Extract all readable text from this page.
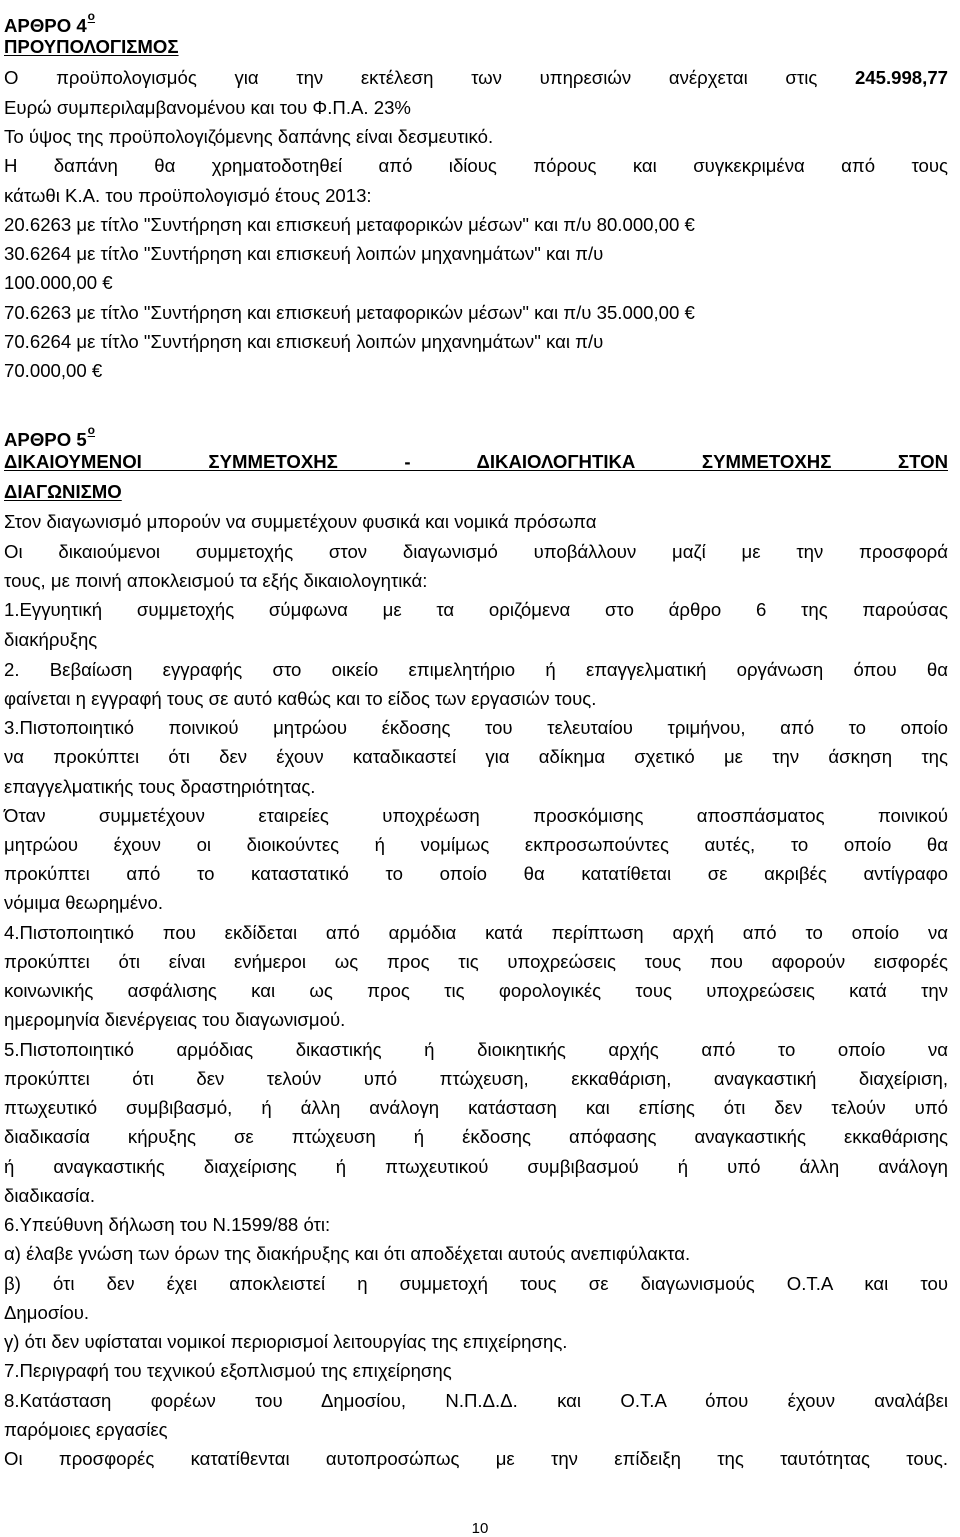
ΑΡΘΡΟ $4^o$
ΠΡΟΥΠΟΛΟΓΙΣΜΟΣ
Ο προϋπολογισμός για την εκτέλεση των υπηρεσιών ανέρχεται στις 245.998,77
Ευρώ συμπεριλαμβανομένου και του Φ.Π.Α. 23%
Το ύψος της προϋπολογιζόμενης δαπάνης είναι δεσμευτικό.
Η δαπάνη θα χρηματοδοτηθεί από ιδίους πόρους και συγκεκριμένα από τους
κάτωθι Κ.Α. του προϋπολογισμό έτους 2013:
20.6263 με τίτλο "Συντήρηση και επισκευή μεταφορικών μέσων" και π/υ 80.000,00 €
30.6264 με τίτλο "Συντήρηση και επισκευή λοιπών μηχανημάτων" και π/υ
100.000,00 €
70.6263 με τίτλο "Συντήρηση και επισκευή μεταφορικών μέσων" και π/υ 35.000,00 €
70.6264 με τίτλο "Συντήρηση και επισκευή λοιπών μηχανημάτων" και π/υ
70.000,00 €
ΑΡΘΡΟ $5^o$
ΔΙΚΑΙΟΥΜΕΝΟΙ ΣΥΜΜΕΤΟΧΗΣ - ΔΙΚΑΙΟΛΟΓΗΤΙΚΑ ΣΥΜΜΕΤΟΧΗΣ ΣΤΟΝ
ΔΙΑΓΩΝΙΣΜΟ
Στον διαγωνισμό μπορούν να συμμετέχουν φυσικά και νομικά πρόσωπα
Οι δικαιούμενοι συμμετοχής στον διαγωνισμό υποβάλλουν μαζί με την προσφορά
τους, με ποινή αποκλεισμού τα εξής δικαιολογητικά:
1.Εγγυητική συμμετοχής σύμφωνα με τα οριζόμενα στο άρθρο 6 της παρούσας
διακήρυξης
2. Βεβαίωση εγγραφής στο οικείο επιμελητήριο ή επαγγελματική οργάνωση όπου θα
φαίνεται η εγγραφή τους σε αυτό καθώς και το είδος των εργασιών τους.
3.Πιστοποιητικό ποινικού μητρώου έκδοσης του τελευταίου τριμήνου, από το οποίο
να προκύπτει ότι δεν έχουν καταδικαστεί για αδίκημα σχετικό με την άσκηση της
επαγγελματικής τους δραστηριότητας.
Όταν συμμετέχουν εταιρείες υποχρέωση προσκόμισης αποσπάσματος ποινικού
μητρώου έχουν οι διοικούντες ή νομίμως εκπροσωπούντες αυτές, το οποίο θα
προκύπτει από το καταστατικό το οποίο θα κατατίθεται σε ακριβές αντίγραφο
νόμιμα θεωρημένο.
4.Πιστοποιητικό που εκδίδεται από αρμόδια κατά περίπτωση αρχή από το οποίο να
προκύπτει ότι είναι ενήμεροι ως προς τις υποχρεώσεις τους που αφορούν εισφορές
κοινωνικής ασφάλισης και ως προς τις φορολογικές τους υποχρεώσεις κατά την
ημερομηνία διενέργειας του διαγωνισμού.
5.Πιστοποιητικό αρμόδιας δικαστικής ή διοικητικής αρχής από το οποίο να
προκύπτει ότι δεν τελούν υπό πτώχευση, εκκαθάριση, αναγκαστική διαχείριση,
πτωχευτικό συμβιβασμό, ή άλλη ανάλογη κατάσταση και επίσης ότι δεν τελούν υπό
διαδικασία κήρυξης σε πτώχευση ή έκδοσης απόφασης αναγκαστικής εκκαθάρισης
ή αναγκαστικής διαχείρισης ή πτωχευτικού συμβιβασμού ή υπό άλλη ανάλογη
διαδικασία.
6.Υπεύθυνη δήλωση του Ν.1599/88 ότι:
α) έλαβε γνώση των όρων της διακήρυξης και ότι αποδέχεται αυτούς ανεπιφύλακτα.
β) ότι δεν έχει αποκλειστεί η συμμετοχή τους σε διαγωνισμούς Ο.Τ.Α και του
Δημοσίου.
γ) ότι δεν υφίσταται νομικοί περιορισμοί λειτουργίας της επιχείρησης.
7.Περιγραφή του τεχνικού εξοπλισμού της επιχείρησης
8.Κατάσταση φορέων του Δημοσίου, Ν.Π.Δ.Δ. και Ο.Τ.Α όπου έχουν αναλάβει
παρόμοιες εργασίες
Οι προσφορές κατατίθενται αυτοπροσώπως με την επίδειξη της ταυτότητας τους.
10
